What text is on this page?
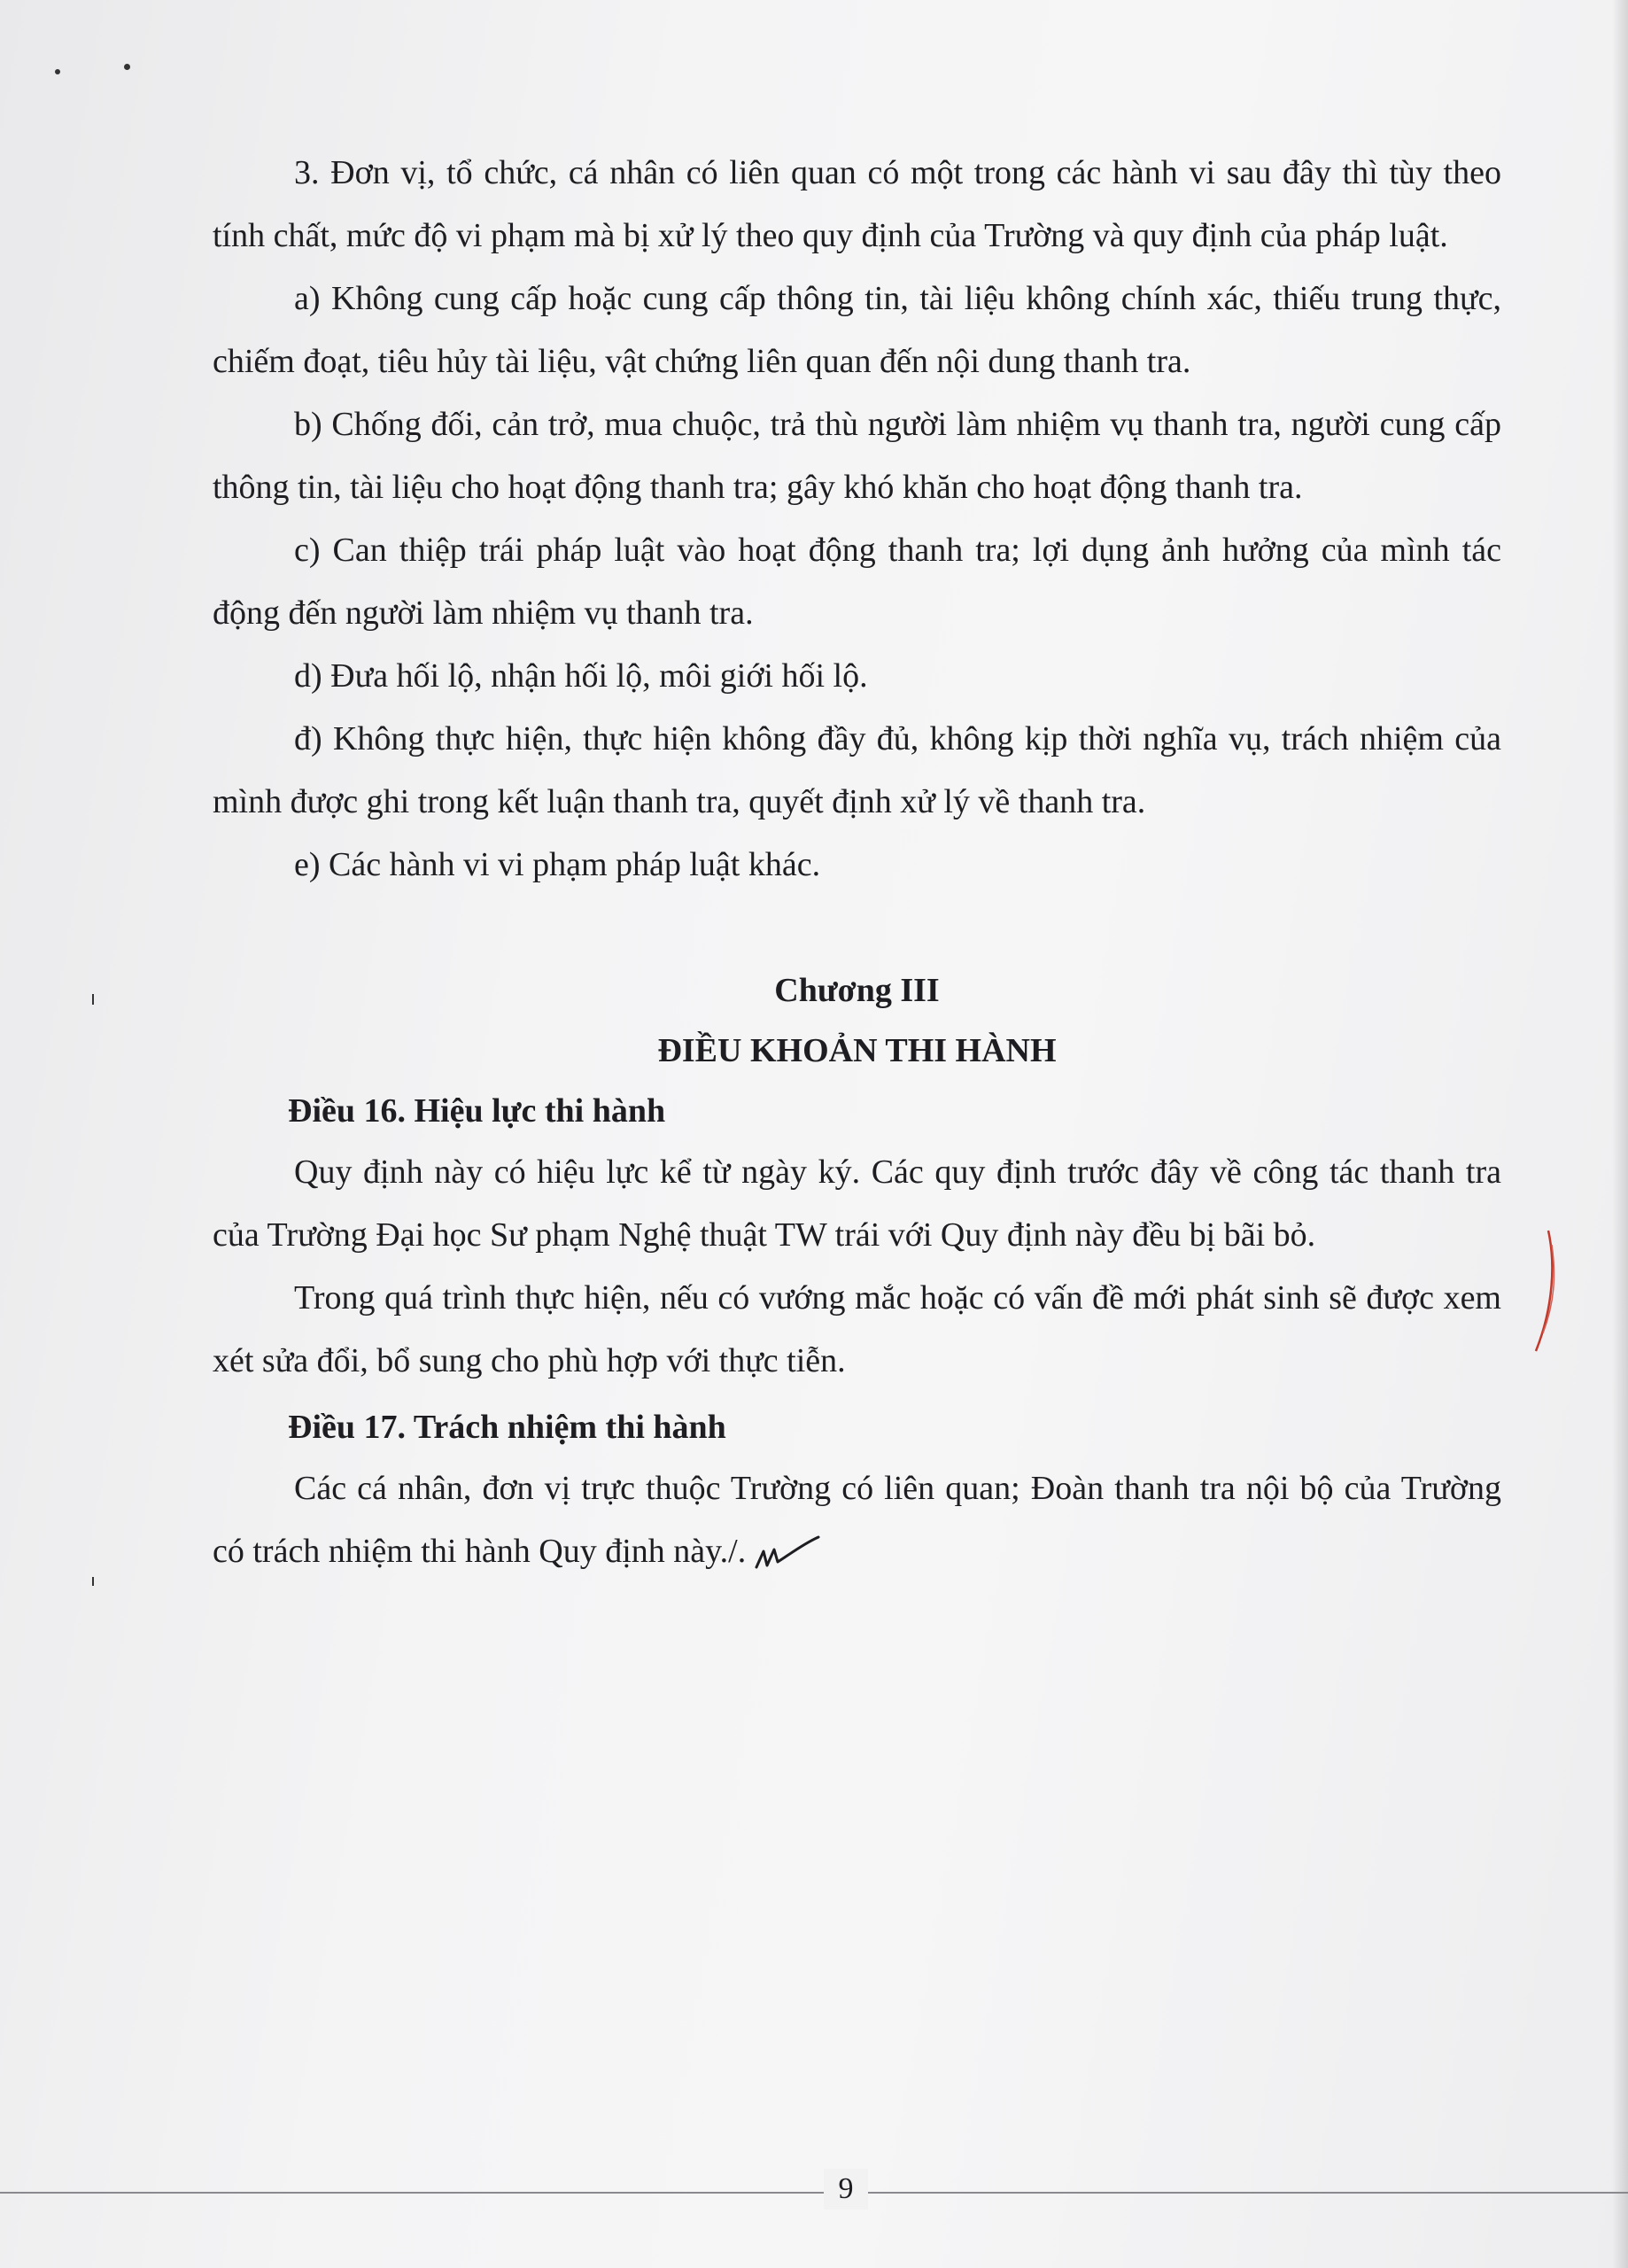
3. Đơn vị, tổ chức, cá nhân có liên quan có một trong các hành vi sau đây thì tùy theo tính chất, mức độ vi phạm mà bị xử lý theo quy định của Trường và quy định của pháp luật.

a) Không cung cấp hoặc cung cấp thông tin, tài liệu không chính xác, thiếu trung thực, chiếm đoạt, tiêu hủy tài liệu, vật chứng liên quan đến nội dung thanh tra.

b) Chống đối, cản trở, mua chuộc, trả thù người làm nhiệm vụ thanh tra, người cung cấp thông tin, tài liệu cho hoạt động thanh tra; gây khó khăn cho hoạt động thanh tra.

c) Can thiệp trái pháp luật vào hoạt động thanh tra; lợi dụng ảnh hưởng của mình tác động đến người làm nhiệm vụ thanh tra.

d) Đưa hối lộ, nhận hối lộ, môi giới hối lộ.

đ) Không thực hiện, thực hiện không đầy đủ, không kịp thời nghĩa vụ, trách nhiệm của mình được ghi trong kết luận thanh tra, quyết định xử lý về thanh tra.

e) Các hành vi vi phạm pháp luật khác.

Chương III
ĐIỀU KHOẢN THI HÀNH

Điều 16. Hiệu lực thi hành

Quy định này có hiệu lực kể từ ngày ký. Các quy định trước đây về công tác thanh tra của Trường Đại học Sư phạm Nghệ thuật TW trái với Quy định này đều bị bãi bỏ.

Trong quá trình thực hiện, nếu có vướng mắc hoặc có vấn đề mới phát sinh sẽ được xem xét sửa đổi, bổ sung cho phù hợp với thực tiễn.

Điều 17. Trách nhiệm thi hành

Các cá nhân, đơn vị trực thuộc Trường có liên quan; Đoàn thanh tra nội bộ của Trường có trách nhiệm thi hành Quy định này./.

9
